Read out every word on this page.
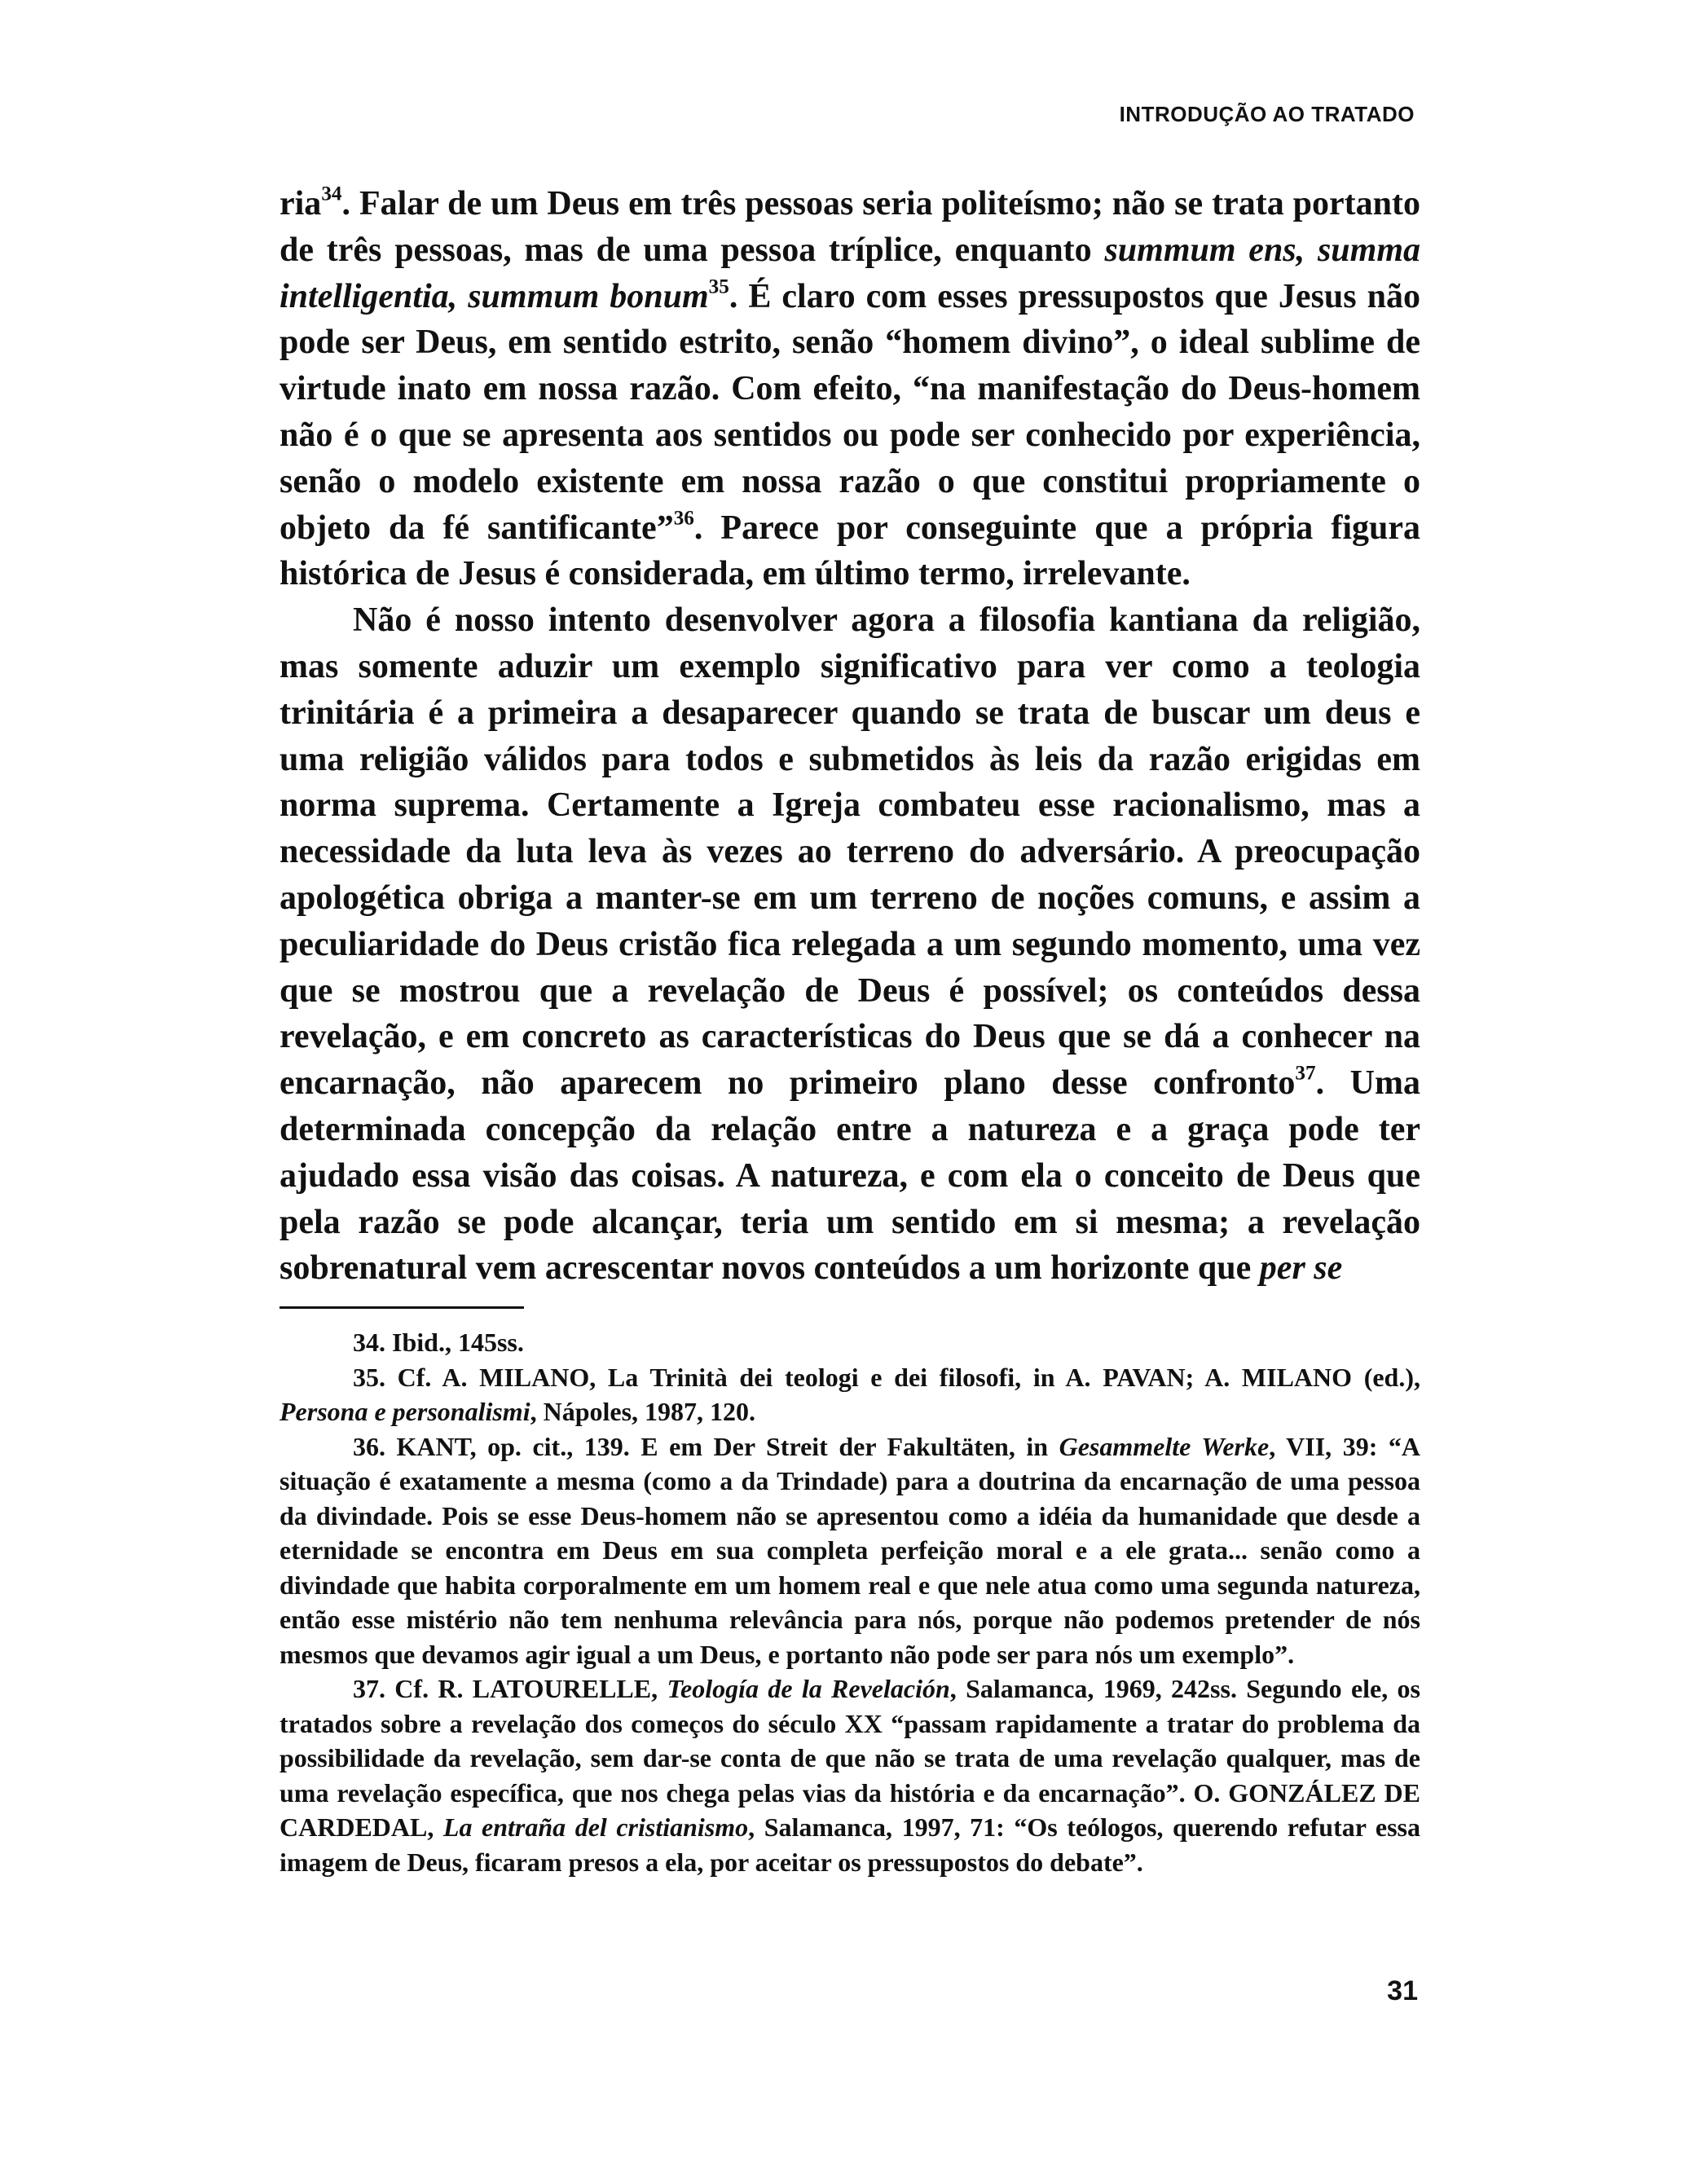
INTRODUÇÃO AO TRATADO

ria$^{34}$. Falar de um Deus em três pessoas seria politeísmo; não se trata portanto de três pessoas, mas de uma pessoa tríplice, enquanto summum ens, summa intelligentia, summum bonum$^{35}$. É claro com esses pressupostos que Jesus não pode ser Deus, em sentido estrito, senão “homem divino”, o ideal sublime de virtude inato em nossa razão. Com efeito, “na manifestação do Deus-homem não é o que se apresenta aos sentidos ou pode ser conhecido por experiência, senão o modelo existente em nossa razão o que constitui propriamente o objeto da fé santificante”$^{36}$. Parece por conseguinte que a própria figura histórica de Jesus é considerada, em último termo, irrelevante.

Não é nosso intento desenvolver agora a filosofia kantiana da religião, mas somente aduzir um exemplo significativo para ver como a teologia trinitária é a primeira a desaparecer quando se trata de buscar um deus e uma religião válidos para todos e submetidos às leis da razão erigidas em norma suprema. Certamente a Igreja combateu esse racionalismo, mas a necessidade da luta leva às vezes ao terreno do adversário. A preocupação apologética obriga a manter-se em um terreno de noções comuns, e assim a peculiaridade do Deus cristão fica relegada a um segundo momento, uma vez que se mostrou que a revelação de Deus é possível; os conteúdos dessa revelação, e em concreto as características do Deus que se dá a conhecer na encarnação, não aparecem no primeiro plano desse confronto$^{37}$. Uma determinada concepção da relação entre a natureza e a graça pode ter ajudado essa visão das coisas. A natureza, e com ela o conceito de Deus que pela razão se pode alcançar, teria um sentido em si mesma; a revelação sobrenatural vem acrescentar novos conteúdos a um horizonte que per se

34. Ibid., 145ss.

35. Cf. A. MILANO, La Trinità dei teologi e dei filosofi, in A. PAVAN; A. MILANO (ed.), Persona e personalismi, Nápoles, 1987, 120.

36. KANT, op. cit., 139. E em Der Streit der Fakultäten, in Gesammelte Werke, VII, 39: “A situação é exatamente a mesma (como a da Trindade) para a doutrina da encarnação de uma pessoa da divindade. Pois se esse Deus-homem não se apresentou como a idéia da humanidade que desde a eternidade se encontra em Deus em sua completa perfeição moral e a ele grata... senão como a divindade que habita corporalmente em um homem real e que nele atua como uma segunda natureza, então esse mistério não tem nenhuma relevância para nós, porque não podemos pretender de nós mesmos que devamos agir igual a um Deus, e portanto não pode ser para nós um exemplo”.

37. Cf. R. LATOURELLE, Teología de la Revelación, Salamanca, 1969, 242ss. Segundo ele, os tratados sobre a revelação dos começos do século XX “passam rapidamente a tratar do problema da possibilidade da revelação, sem dar-se conta de que não se trata de uma revelação qualquer, mas de uma revelação específica, que nos chega pelas vias da história e da encarnação”. O. GONZÁLEZ DE CARDEDAL, La entraña del cristianismo, Salamanca, 1997, 71: “Os teólogos, querendo refutar essa imagem de Deus, ficaram presos a ela, por aceitar os pressupostos do debate”.

31
